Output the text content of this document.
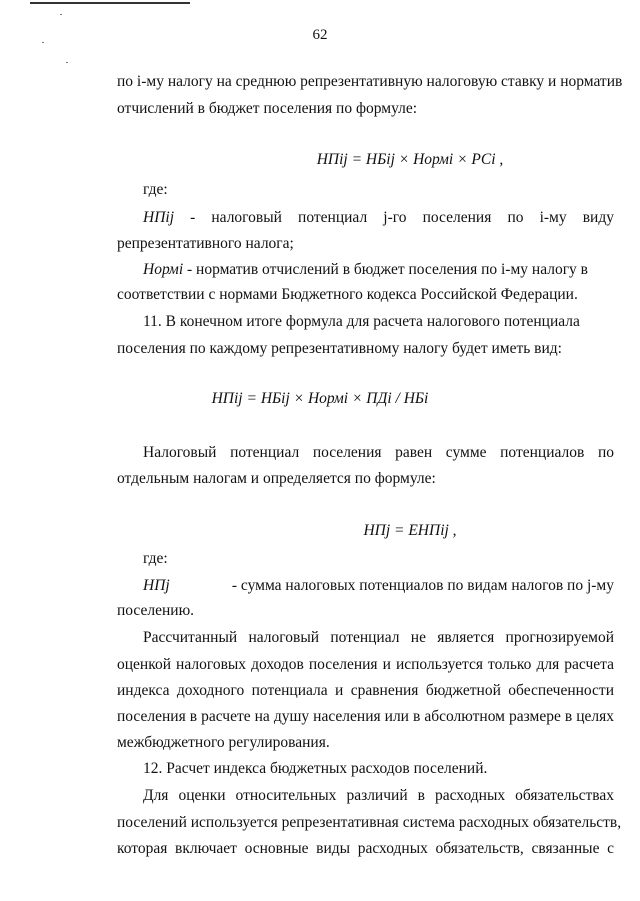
62
по і-му налогу на среднюю репрезентативную налоговую ставку и норматив
отчислений в бюджет поселения по формуле:
НПіј = НБіј × Нормі × РСі ,
где:
НПіј - налоговый потенциал j-го поселения по і-му виду
репрезентативного налога;
Нормі - норматив отчислений в бюджет поселения по і-му налогу в
соответствии с нормами Бюджетного кодекса Российской Федерации.
11. В конечном итоге формула для расчета налогового потенциала
поселения по каждому репрезентативному налогу будет иметь вид:
НПіј = НБіј × Нормі × ПДі / НБі
Налоговый потенциал поселения равен сумме потенциалов по
отдельным налогам и определяется по формуле:
НПј = ЕНПіј ,
где:
НПј	- сумма налоговых потенциалов по видам налогов по j-му
поселению.
Рассчитанный налоговый потенциал не является прогнозируемой
оценкой налоговых доходов поселения и используется только для расчета
индекса доходного потенциала и сравнения бюджетной обеспеченности
поселения в расчете на душу населения или в абсолютном размере в целях
межбюджетного регулирования.
12. Расчет индекса бюджетных расходов поселений.
Для оценки относительных различий в расходных обязательствах
поселений используется репрезентативная система расходных обязательств,
которая включает основные виды расходных обязательств, связанные с
